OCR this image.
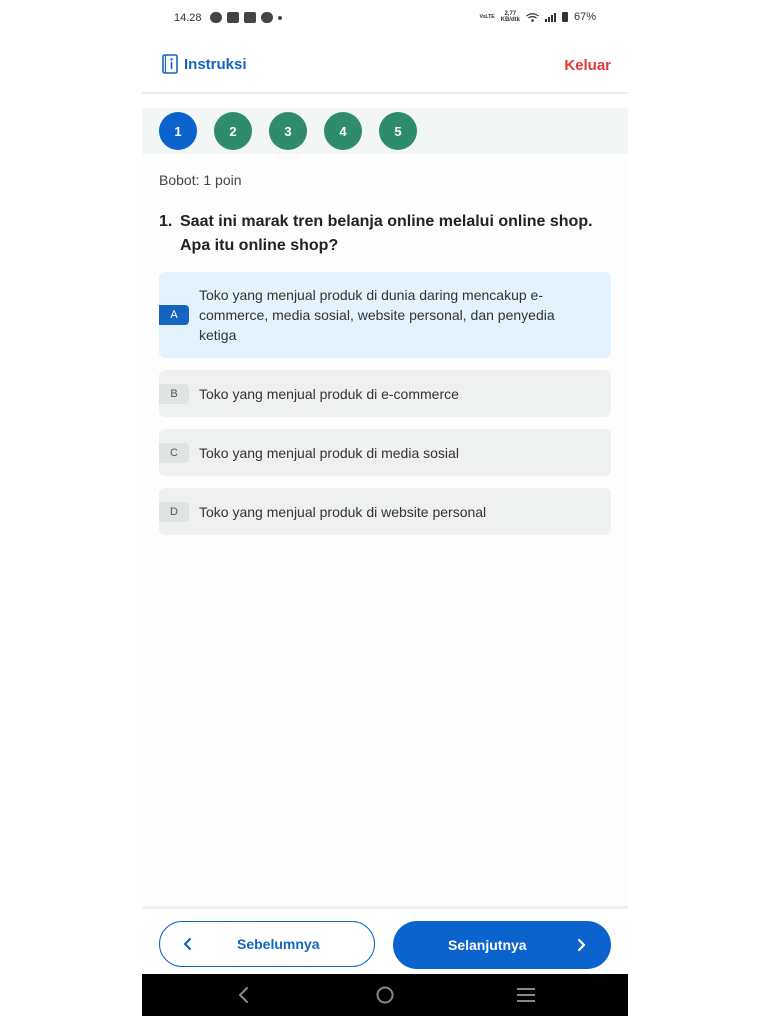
14.28	VoLTE	2,77
KB/dtk	67%
Instruksi	Keluar
1	2	3	4	5
Bobot: 1 poin
1. Saat ini marak tren belanja online melalui online shop. Apa itu online shop?
A
Toko yang menjual produk di dunia daring mencakup e-commerce, media sosial, website personal, dan penyedia ketiga
B	Toko yang menjual produk di e-commerce
C	Toko yang menjual produk di media sosial
D	Toko yang menjual produk di website personal
Sebelumnya	Selanjutnya
